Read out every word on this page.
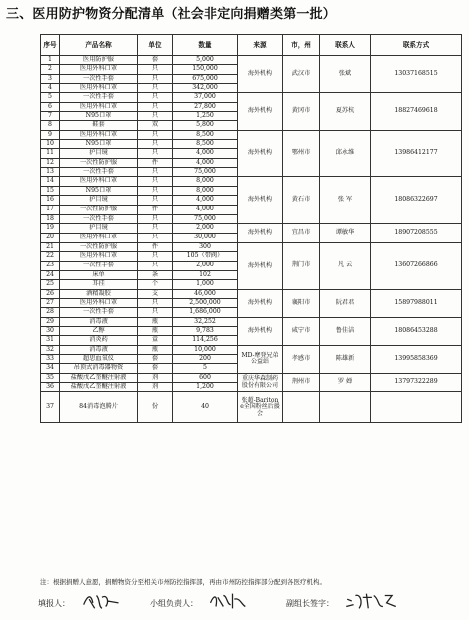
三、医用防护物资分配清单（社会非定向捐赠类第一批）
序号	产品名称	单位	数量	来源	市，州	联系人	联系方式
1	医用防护服	套	5,000	海外机构	武汉市	张斌	13037168515
2	医用外科口罩	只	150,000				
3	一次性手套	只	675,000				
4	医用外科口罩	只	342,000				
5	一次性手套	只	37,000	海外机构	黄冈市	夏苏杭	18827469618
6	医用外科口罩	只	27,800				
7	N95口罩	只	1,250				
8	鞋套	双	5,800				
9	医用外科口罩	只	8,500	海外机构	鄂州市	邱永维	13986412177
10	N95口罩	只	8,500				
11	护目镜	只	4,000				
12	一次性防护服	件	4,000				
13	一次性手套	只	75,000				
14	医用外科口罩	只	8,000	海外机构	黄石市	张 军	18086322697
15	N95口罩	只	8,000				
16	护目镜	只	4,000				
17	一次性防护服	件	4,000				
18	一次性手套	只	75,000				
19	护目镜	只	2,000	海外机构	宜昌市	谭敏华	18907208555
20	医用外科口罩	只	30,000				
21	一次性防护服	件	300	海外机构	荆门市	凡 云	13607266866
22	医用外科口罩	只	105（带阀）				
23	一次性手套	只	2,000				
24	床单	条	102				
25	耳挂	个	1,000				
26	酒精凝胶	支	46,000	海外机构	襄阳市	阮君君	15897988011
27	医用外科口罩	只	2,500,000				
28	一次性手套	只	1,686,000				
29	消毒液	瓶	32,252	海外机构	咸宁市	鲁佳洁	18086453288
30	乙醇	瓶	9,783				
31	消炎药	盒	114,256				
32	消毒液	瓶	10,000	MD-摩登兄弟公益站	孝感市	陈雄新	13995858369
33	超思血氧仪	套	200				
34	吊顶式消毒器物资	套	5				
35	盐酸戊乙奎醚注射液	剂	600	重庆华森制药股份有限公司	荆州市	罗 婵	13797322289
36	盐酸戊乙奎醚注射液	剂	1,200				
37	84消毒泡腾片	份	40	张超-Baritone全国粉丝后援会			
注：根据捐赠人意愿，捐赠物资分至相关市州防控指挥部，再由市州防控指挥部分配到各医疗机构。
填报人：	小组负责人：	副组长签字：
